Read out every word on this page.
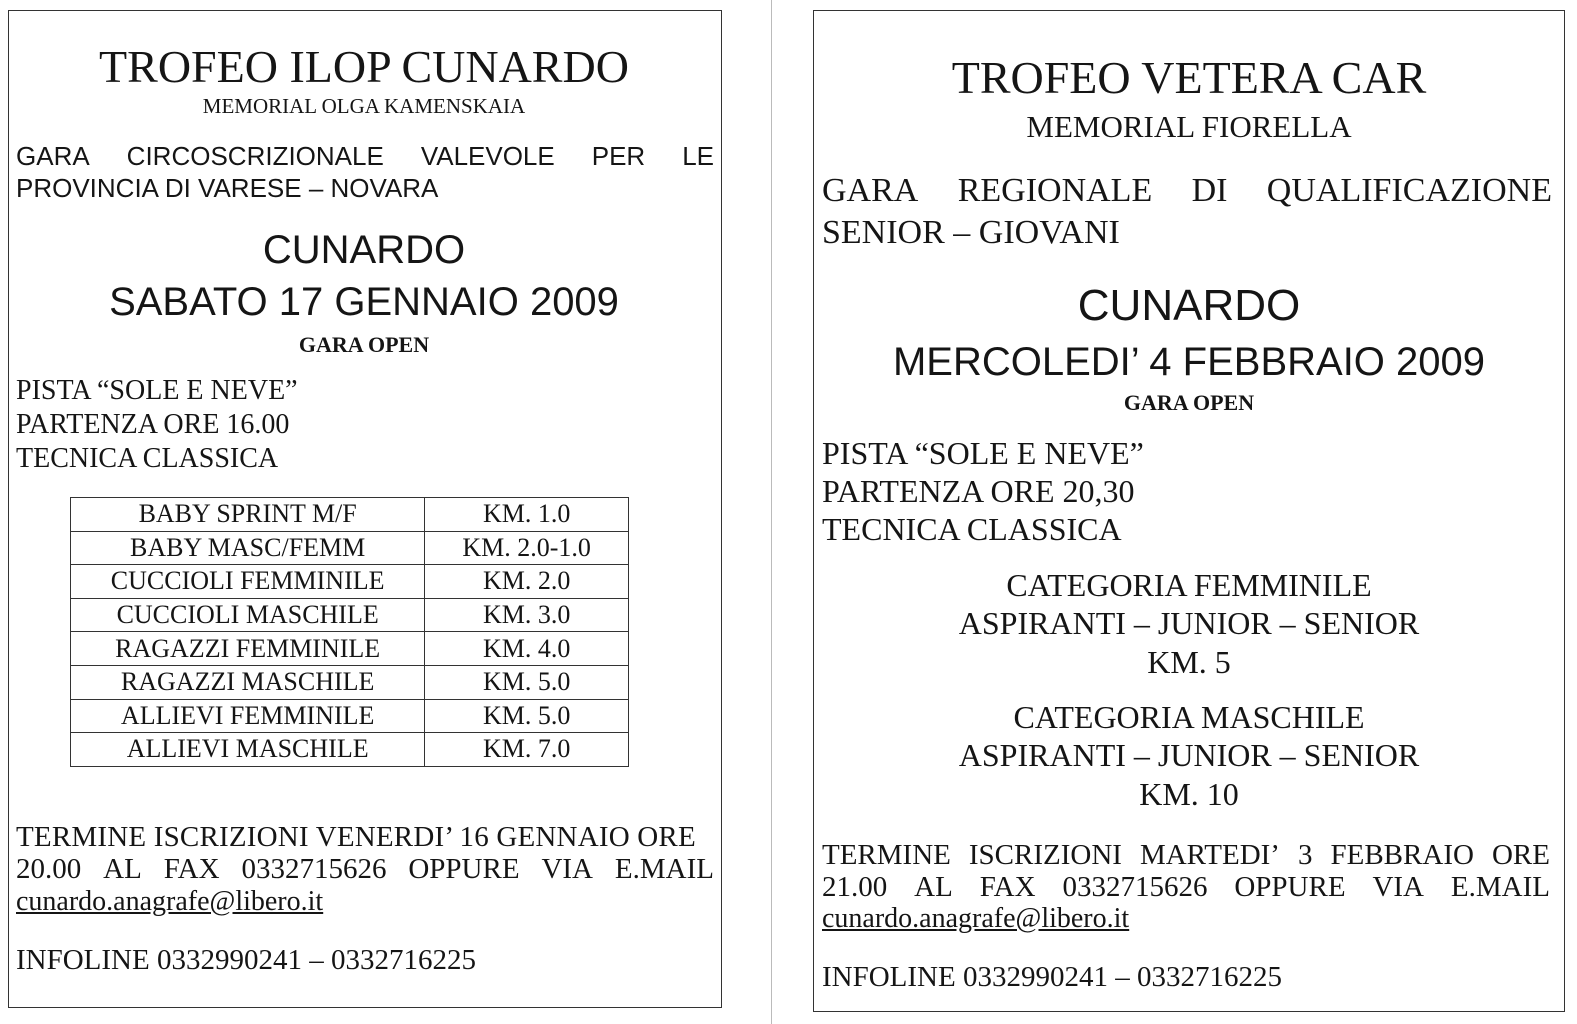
TROFEO ILOP CUNARDO
MEMORIAL OLGA KAMENSKAIA
GARA CIRCOSCRIZIONALE VALEVOLE PER LE
PROVINCIA DI VARESE – NOVARA
CUNARDO
SABATO 17 GENNAIO 2009
GARA OPEN
PISTA “SOLE E NEVE”
PARTENZA ORE 16.00
TECNICA CLASSICA
BABY SPRINT M/F	KM. 1.0
BABY MASC/FEMM	KM. 2.0-1.0
CUCCIOLI FEMMINILE	KM. 2.0
CUCCIOLI MASCHILE	KM. 3.0
RAGAZZI FEMMINILE	KM. 4.0
RAGAZZI MASCHILE	KM. 5.0
ALLIEVI FEMMINILE	KM. 5.0
ALLIEVI MASCHILE	KM. 7.0
TERMINE ISCRIZIONI VENERDI’ 16 GENNAIO ORE
20.00 AL FAX 0332715626 OPPURE VIA E.MAIL
cunardo.anagrafe@libero.it
INFOLINE 0332990241 – 0332716225
TROFEO VETERA CAR
MEMORIAL FIORELLA
GARA REGIONALE DI QUALIFICAZIONE
SENIOR – GIOVANI
CUNARDO
MERCOLEDI’ 4 FEBBRAIO 2009
GARA OPEN
PISTA “SOLE E NEVE”
PARTENZA ORE 20,30
TECNICA CLASSICA
CATEGORIA FEMMINILE
ASPIRANTI – JUNIOR – SENIOR
KM. 5
CATEGORIA MASCHILE
ASPIRANTI – JUNIOR – SENIOR
KM. 10
TERMINE ISCRIZIONI MARTEDI’ 3 FEBBRAIO ORE
21.00 AL FAX 0332715626 OPPURE VIA E.MAIL
cunardo.anagrafe@libero.it
INFOLINE 0332990241 – 0332716225
